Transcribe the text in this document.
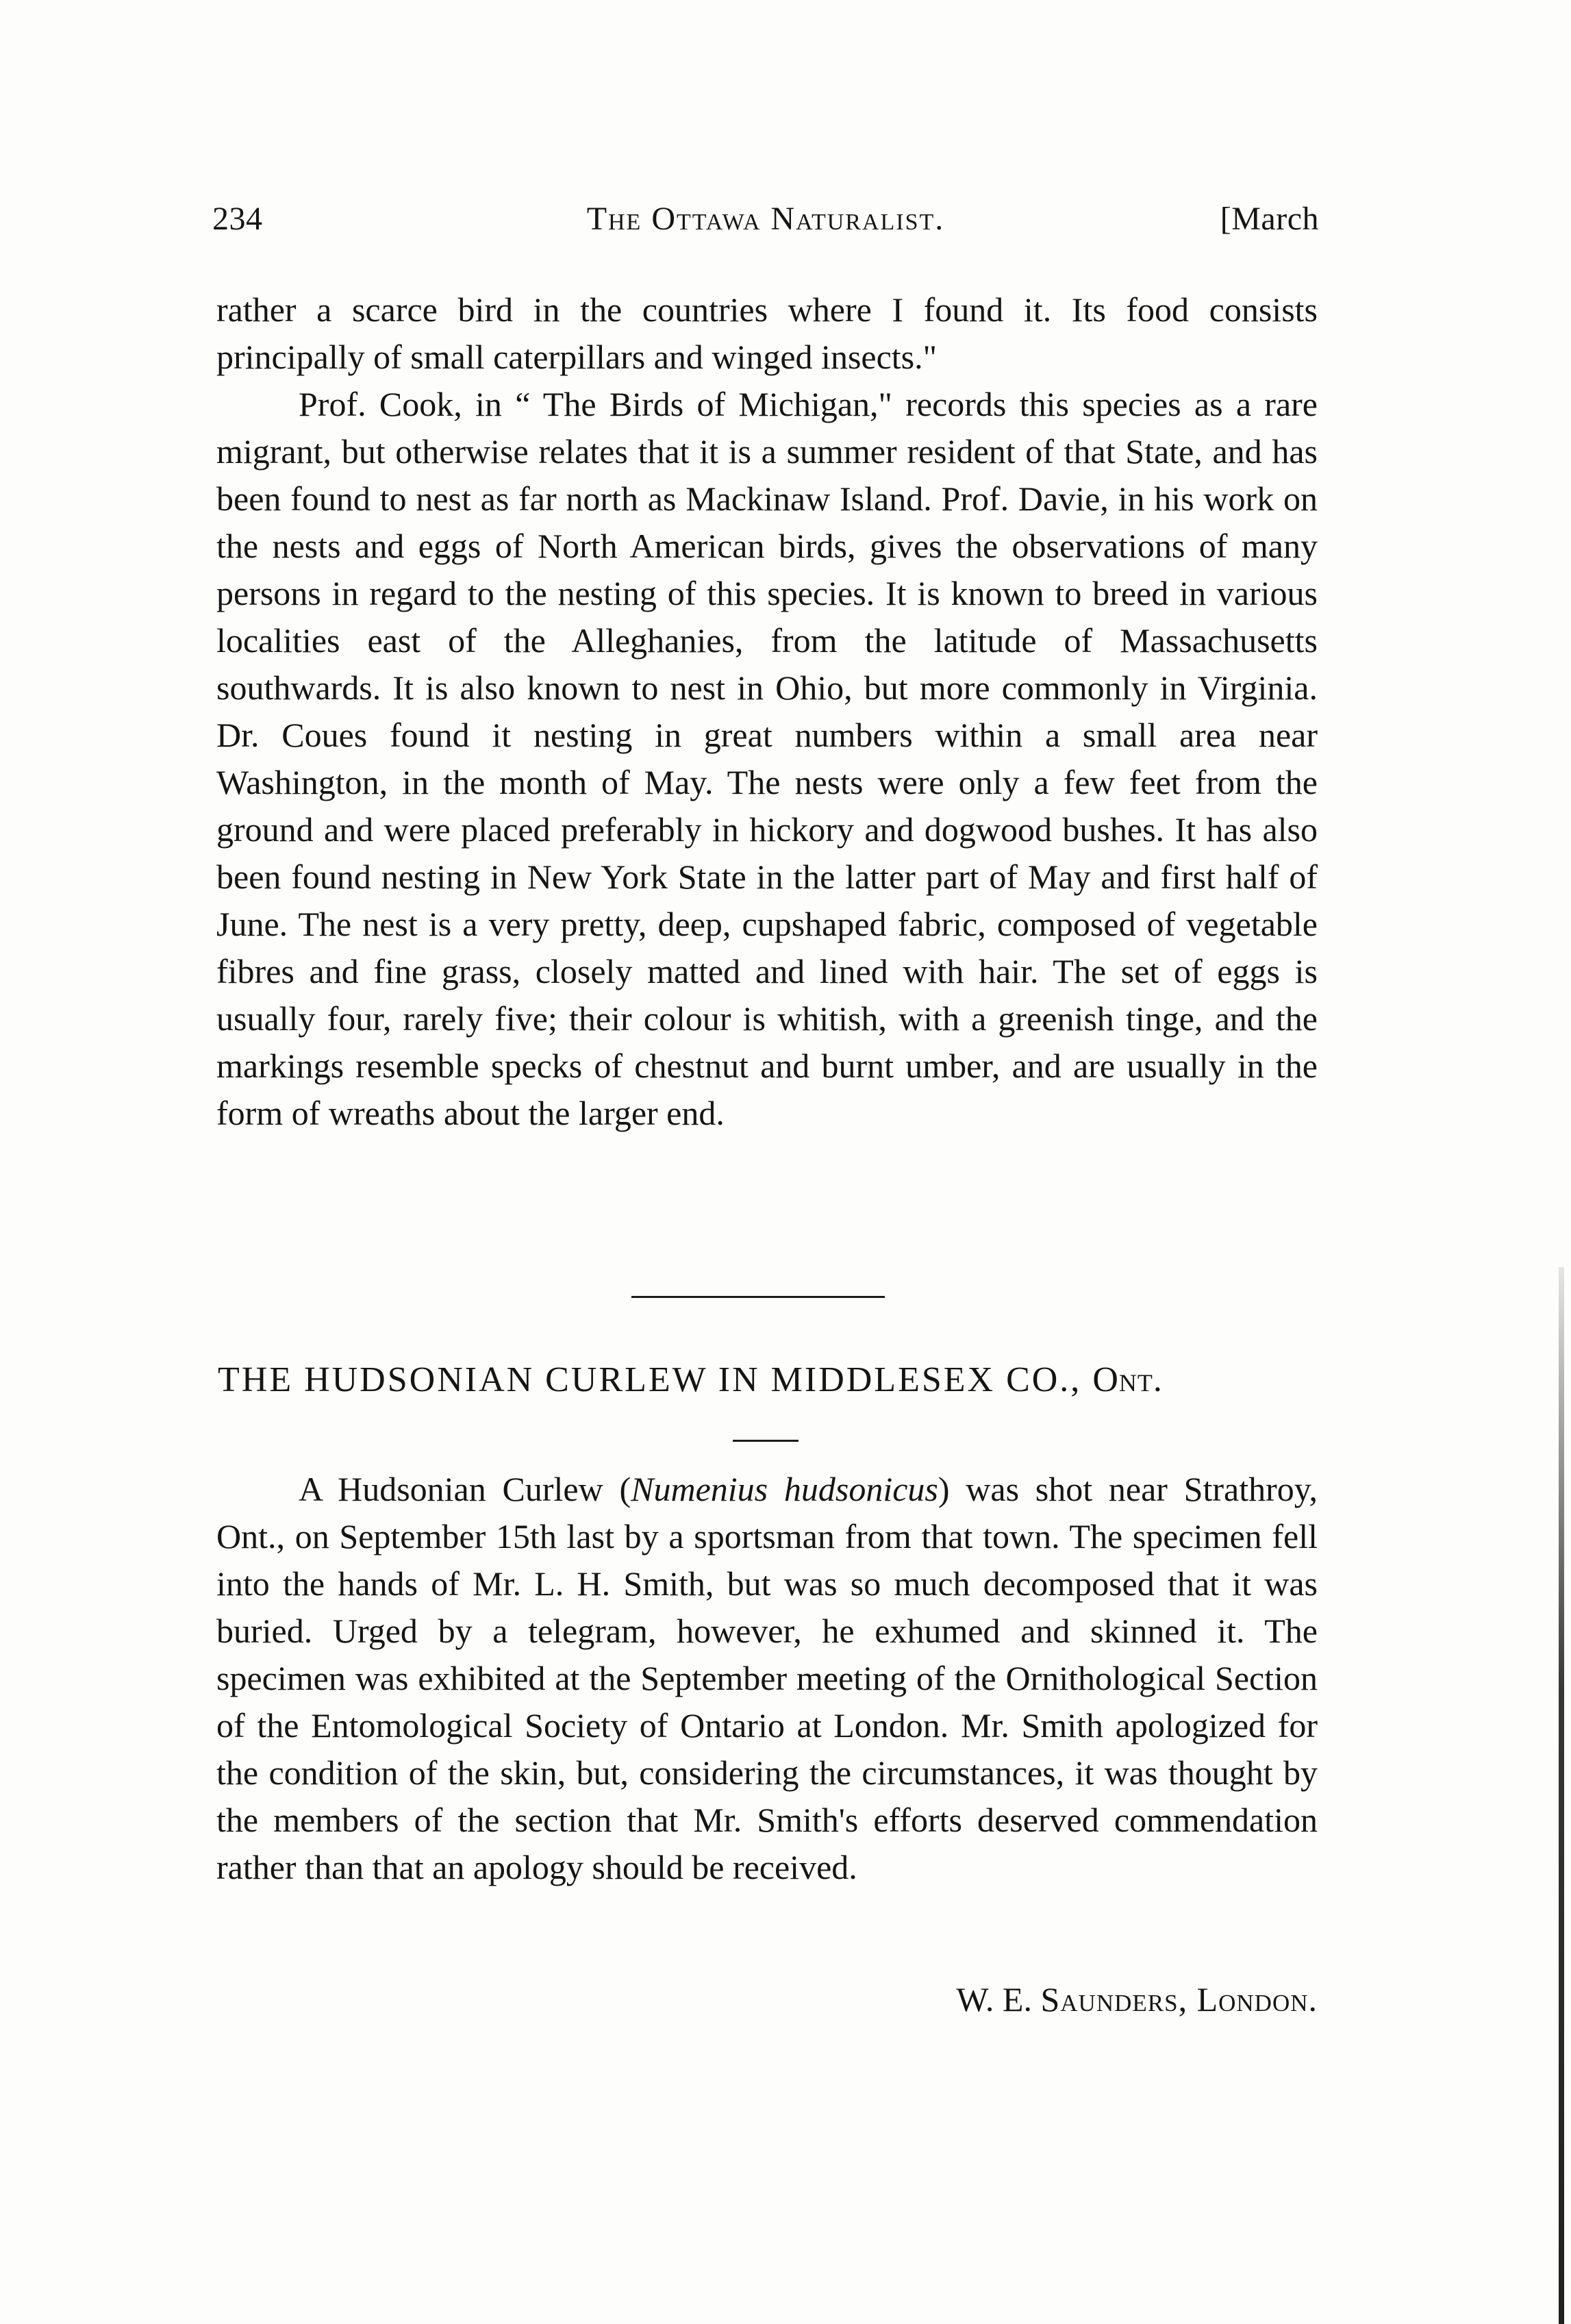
234	The Ottawa Naturalist.	[March

rather a scarce bird in the countries where I found it. Its food consists principally of small caterpillars and winged insects."

Prof. Cook, in “ The Birds of Michigan," records this species as a rare migrant, but otherwise relates that it is a summer resident of that State, and has been found to nest as far north as Mackinaw Island. Prof. Davie, in his work on the nests and eggs of North American birds, gives the observations of many persons in regard to the nesting of this species. It is known to breed in various localities east of the Alleghanies, from the latitude of Massachusetts southwards. It is also known to nest in Ohio, but more commonly in Virginia. Dr. Coues found it nesting in great numbers within a small area near Washington, in the month of May. The nests were only a few feet from the ground and were placed preferably in hickory and dogwood bushes. It has also been found nesting in New York State in the latter part of May and first half of June. The nest is a very pretty, deep, cupshaped fabric, composed of vegetable fibres and fine grass, closely matted and lined with hair. The set of eggs is usually four, rarely five; their colour is whitish, with a greenish tinge, and the markings resemble specks of chestnut and burnt umber, and are usually in the form of wreaths about the larger end.

THE HUDSONIAN CURLEW IN MIDDLESEX CO., Ont.

A Hudsonian Curlew (Numenius hudsonicus) was shot near Strathroy, Ont., on September 15th last by a sportsman from that town. The specimen fell into the hands of Mr. L. H. Smith, but was so much decomposed that it was buried. Urged by a telegram, however, he exhumed and skinned it. The specimen was exhibited at the September meeting of the Ornithological Section of the Entomological Society of Ontario at London. Mr. Smith apologized for the condition of the skin, but, considering the circumstances, it was thought by the members of the section that Mr. Smith's efforts deserved commendation rather than that an apology should be received.

W. E. Saunders, London.
